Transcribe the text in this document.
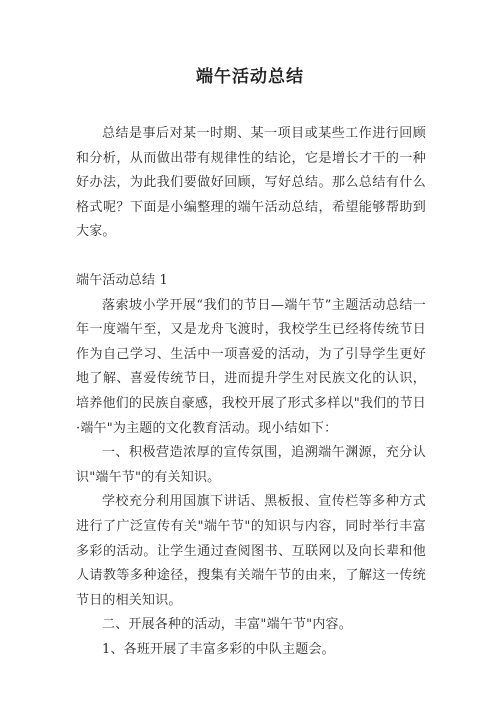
端午活动总结

总结是事后对某一时期、某一项目或某些工作进行回顾和分析，从而做出带有规律性的结论，它是增长才干的一种好办法，为此我们要做好回顾，写好总结。那么总结有什么格式呢？下面是小编整理的端午活动总结，希望能够帮助到大家。

端午活动总结 1

落索坡小学开展“我们的节日—端午节”主题活动总结一年一度端午至，又是龙舟飞渡时，我校学生已经将传统节日作为自己学习、生活中一项喜爱的活动，为了引导学生更好地了解、喜爱传统节日，进而提升学生对民族文化的认识，培养他们的民族自豪感，我校开展了形式多样以"我们的节日·端午"为主题的文化教育活动。现小结如下：

一、积极营造浓厚的宣传氛围，追溯端午渊源，充分认识"端午节"的有关知识。

学校充分利用国旗下讲话、黑板报、宣传栏等多种方式进行了广泛宣传有关"端午节"的知识与内容，同时举行丰富多彩的活动。让学生通过查阅图书、互联网以及向长辈和他人请教等多种途径，搜集有关端午节的由来，了解这一传统节日的相关知识。

二、开展各种的活动，丰富"端午节"内容。

1、各班开展了丰富多彩的中队主题会。
